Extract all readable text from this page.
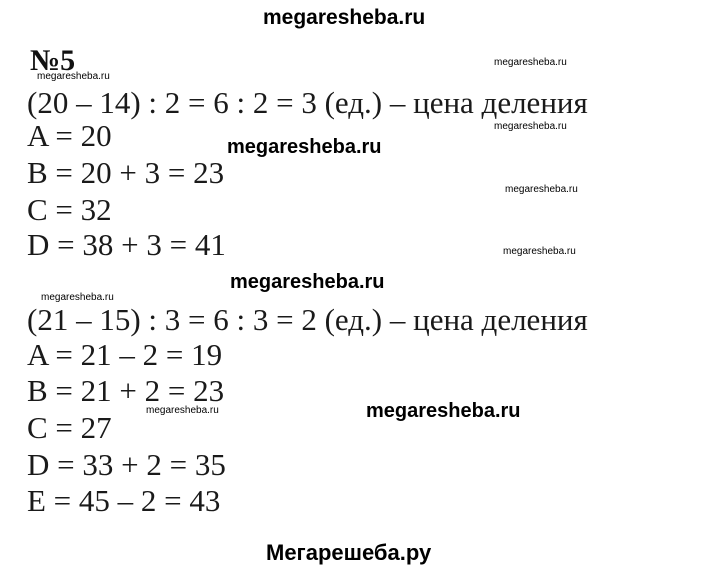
megaresheba.ru
№5
megaresheba.ru
megaresheba.ru
megaresheba.ru
megaresheba.ru
megaresheba.ru
megaresheba.ru
megaresheba.ru
megaresheba.ru
megaresheba.ru
megaresheba.ru
(20 – 14) : 2 = 6 : 2 = 3 (ед.) – цена деления
A = 20
B = 20 + 3 = 23
C = 32
D = 38 + 3 = 41
(21 – 15) : 3 = 6 : 3 = 2 (ед.) – цена деления
A = 21 – 2 = 19
B = 21 + 2 = 23
C = 27
D = 33 + 2 = 35
E = 45 – 2 = 43
Мегарешеба.ру
